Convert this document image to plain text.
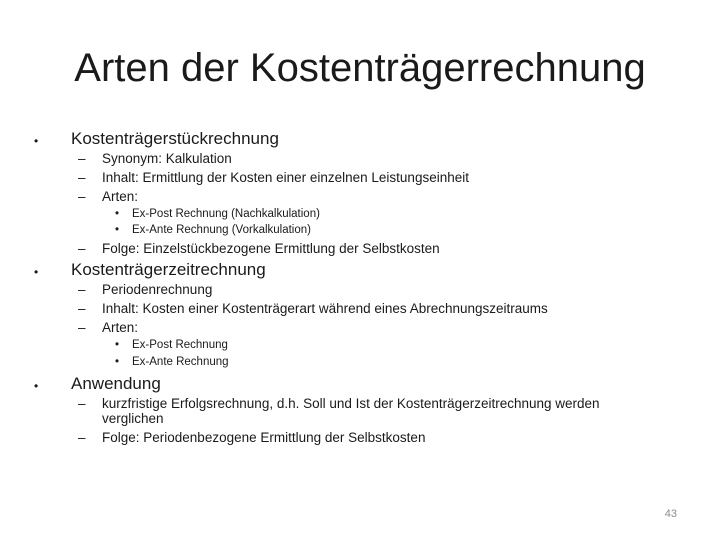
Arten der Kostenträgerrechnung
• Kostenträgerstückrechnung
– Synonym: Kalkulation
– Inhalt: Ermittlung der Kosten einer einzelnen Leistungseinheit
– Arten:
• Ex-Post Rechnung (Nachkalkulation)
• Ex-Ante Rechnung (Vorkalkulation)
– Folge: Einzelstückbezogene Ermittlung der Selbstkosten
• Kostenträgerzeitrechnung
– Periodenrechnung
– Inhalt: Kosten einer Kostenträgerart während eines Abrechnungszeitraums
– Arten:
• Ex-Post Rechnung
• Ex-Ante Rechnung
• Anwendung
– kurzfristige Erfolgsrechnung, d.h. Soll und Ist der Kostenträgerzeitrechnung werden
verglichen
– Folge: Periodenbezogene Ermittlung der Selbstkosten
43
